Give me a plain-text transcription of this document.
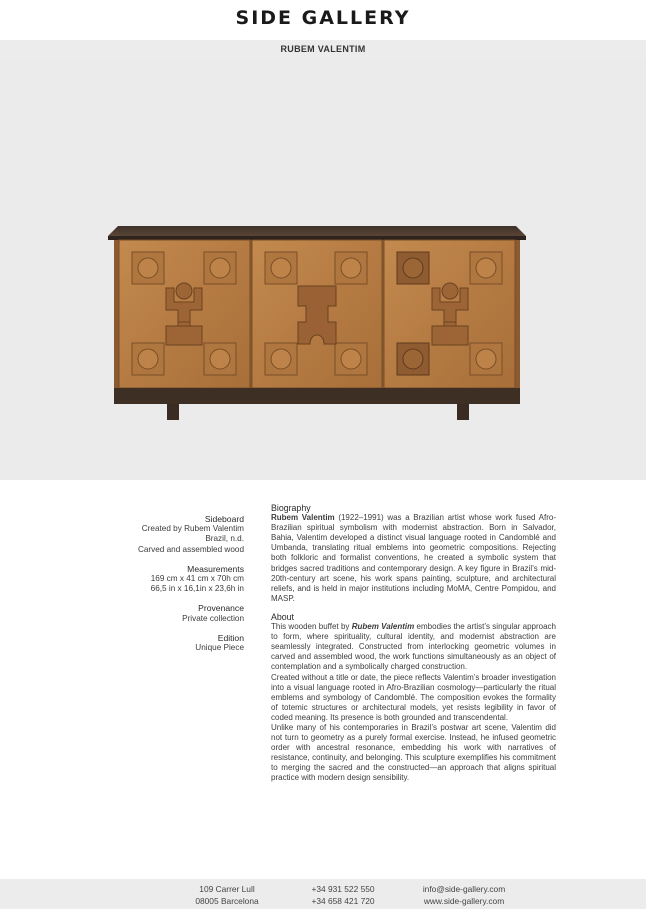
SIDE GALLERY
RUBEM VALENTIM
Sideboard
Created by Rubem Valentim
Brazil, n.d.
Carved and assembled wood
Measurements
169 cm x 41 cm x 70h cm
66,5 in x 16,1in x 23,6h in
Provenance
Private collection
Edition
Unique Piece
Biography

Rubem Valentim (1922–1991) was a Brazilian artist whose work fused Afro-Brazilian spiritual symbolism with modernist abstraction. Born in Salvador, Bahia, Valentim developed a distinct visual language rooted in Candomblé and Umbanda, translating ritual emblems into geometric compositions. Rejecting both folkloric and formalist conventions, he created a symbolic system that bridges sacred traditions and contemporary design. A key figure in Brazil’s mid-20th-century art scene, his work spans painting, sculpture, and architectural reliefs, and is held in major institutions including MoMA, Centre Pompidou, and MASP.

About

This wooden buffet by Rubem Valentim embodies the artist’s singular approach to form, where spirituality, cultural identity, and modernist abstraction are seamlessly integrated. Constructed from interlocking geometric volumes in carved and assembled wood, the work functions simultaneously as an object of contemplation and a symbolically charged construction.

Created without a title or date, the piece reflects Valentim’s broader investigation into a visual language rooted in Afro-Brazilian cosmology—particularly the ritual emblems and symbology of Candomblé. The composition evokes the formality of totemic structures or architectural models, yet resists legibility in favor of coded meaning. Its presence is both grounded and transcendental.

Unlike many of his contemporaries in Brazil’s postwar art scene, Valentim did not turn to geometry as a purely formal exercise. Instead, he infused geometric order with ancestral resonance, embedding his work with narratives of resistance, continuity, and belonging. This sculpture exemplifies his commitment to merging the sacred and the constructed—an approach that aligns spiritual practice with modern design sensibility.

109 Carrer Lull
08005 Barcelona
+34 931 522 550
+34 658 421 720
info@side-gallery.com
www.side-gallery.com
